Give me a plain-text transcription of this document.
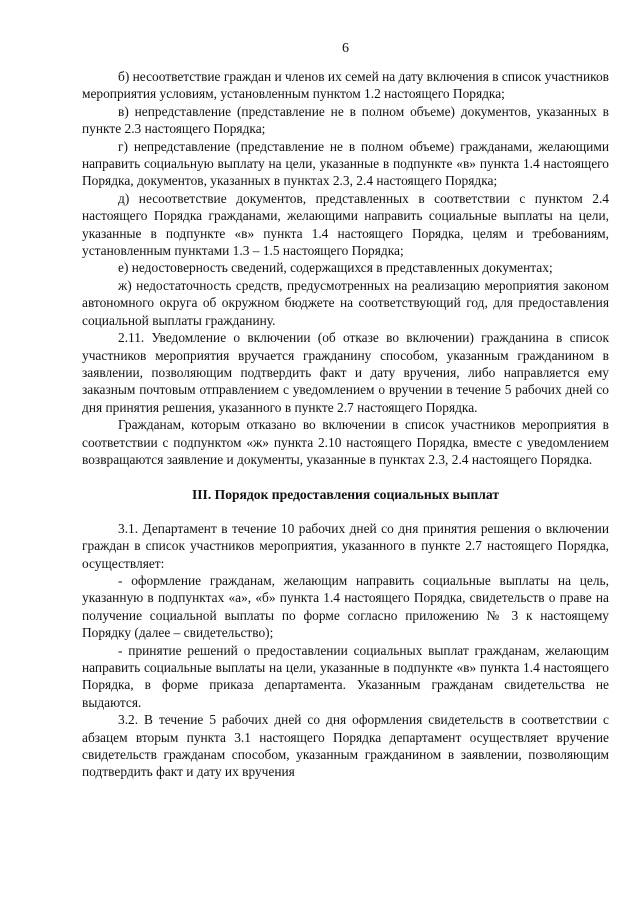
6

б) несоответствие граждан и членов их семей на дату включения в список участников мероприятия условиям, установленным пунктом 1.2 настоящего Порядка;

в) непредставление (представление не в полном объеме) документов, указанных в пункте 2.3 настоящего Порядка;

г) непредставление (представление не в полном объеме) гражданами, желающими направить социальную выплату на цели, указанные в подпункте «в» пункта 1.4 настоящего Порядка, документов, указанных в пунктах 2.3, 2.4 настоящего Порядка;

д) несоответствие документов, представленных в соответствии с пунктом 2.4 настоящего Порядка гражданами, желающими направить социальные выплаты на цели, указанные в подпункте «в» пункта 1.4 настоящего Порядка, целям и требованиям, установленным пунктами 1.3 – 1.5 настоящего Порядка;

е) недостоверность сведений, содержащихся в представленных документах;

ж) недостаточность средств, предусмотренных на реализацию мероприятия законом автономного округа об окружном бюджете на соответствующий год, для предоставления социальной выплаты гражданину.

2.11. Уведомление о включении (об отказе во включении) гражданина в список участников мероприятия вручается гражданину способом, указанным гражданином в заявлении, позволяющим подтвердить факт и дату вручения, либо направляется ему заказным почтовым отправлением с уведомлением о вручении в течение 5 рабочих дней со дня принятия решения, указанного в пункте 2.7 настоящего Порядка.

Гражданам, которым отказано во включении в список участников мероприятия в соответствии с подпунктом «ж» пункта 2.10 настоящего Порядка, вместе с уведомлением возвращаются заявление и документы, указанные в пунктах 2.3, 2.4 настоящего Порядка.

III. Порядок предоставления социальных выплат

3.1. Департамент в течение 10 рабочих дней со дня принятия решения о включении граждан в список участников мероприятия, указанного в пункте 2.7 настоящего Порядка, осуществляет:

- оформление гражданам, желающим направить социальные выплаты на цель, указанную в подпунктах «а», «б» пункта 1.4 настоящего Порядка, свидетельств о праве на получение социальной выплаты по форме согласно приложению № 3 к настоящему Порядку (далее – свидетельство);

- принятие решений о предоставлении социальных выплат гражданам, желающим направить социальные выплаты на цели, указанные в подпункте «в» пункта 1.4 настоящего Порядка, в форме приказа департамента. Указанным гражданам свидетельства не выдаются.

3.2. В течение 5 рабочих дней со дня оформления свидетельств в соответствии с абзацем вторым пункта 3.1 настоящего Порядка департамент осуществляет вручение свидетельств гражданам способом, указанным гражданином в заявлении, позволяющим подтвердить факт и дату их вручения
